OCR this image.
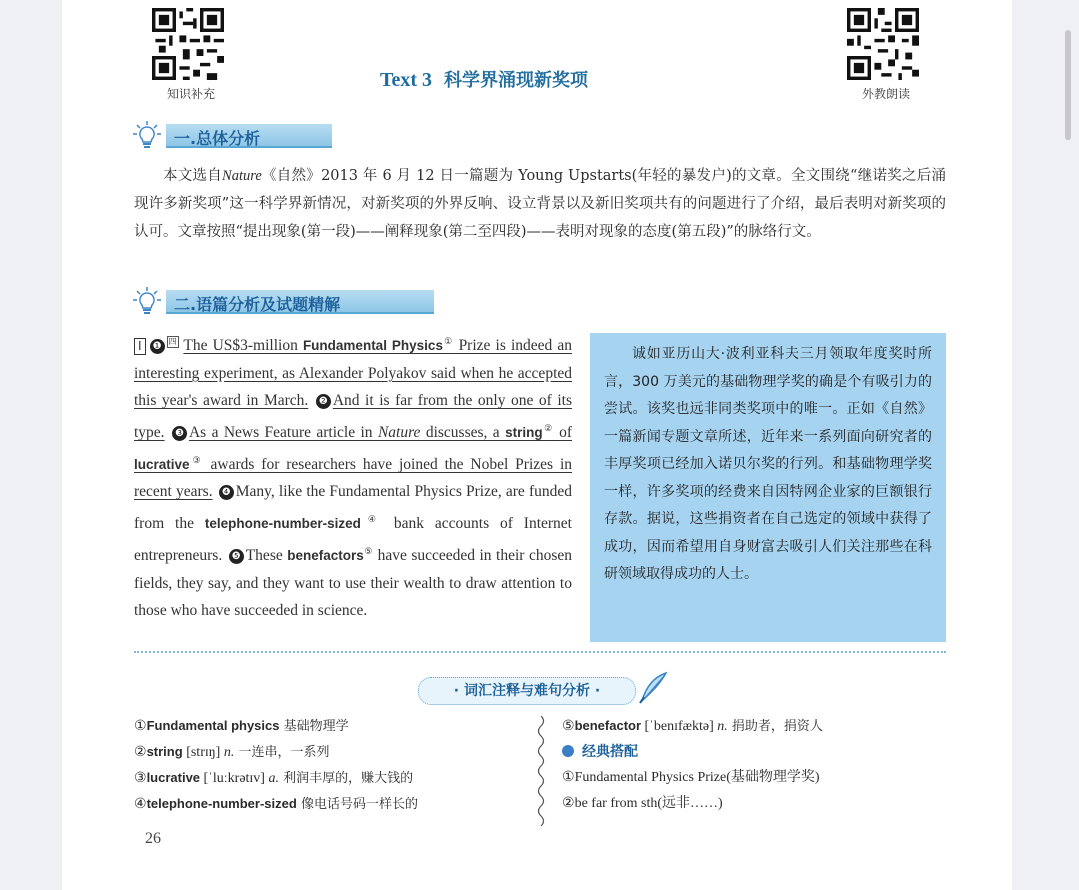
知识补充	外教朗读
Text 3 科学界涌现新奖项
一.总体分析
本文选自Nature《自然》2013 年 6 月 12 日一篇题为 Young Upstarts(年轻的暴发户)的文章。全文围绕“继诺奖之后涌现许多新奖项”这一科学界新情况，对新奖项的外界反响、设立背景以及新旧奖项共有的问题进行了介绍，最后表明对新奖项的认可。文章按照“提出现象(第一段)——阐释现象(第二至四段)——表明对现象的态度(第五段)”的脉络行文。
二.语篇分析及试题精解
Ⅰ ❶ 四 The US$3-million Fundamental Physics① Prize is indeed an interesting experiment, as Alexander Polyakov said when he accepted this year's award in March. ❷ And it is far from the only one of its type. ❸ As a News Feature article in Nature discusses, a string② of lucrative③ awards for researchers have joined the Nobel Prizes in recent years. ❹ Many, like the Fundamental Physics Prize, are funded from the telephone-number-sized④ bank accounts of Internet entrepreneurs. ❺ These benefactors⑤ have succeeded in their chosen fields, they say, and they want to use their wealth to draw attention to those who have succeeded in science.
诚如亚历山大·波利亚科夫三月领取年度奖时所言，300 万美元的基础物理学奖的确是个有吸引力的尝试。该奖也远非同类奖项中的唯一。正如《自然》一篇新闻专题文章所述，近年来一系列面向研究者的丰厚奖项已经加入诺贝尔奖的行列。和基础物理学奖一样，许多奖项的经费来自因特网企业家的巨额银行存款。据说，这些捐资者在自己选定的领域中获得了成功，因而希望用自身财富去吸引人们关注那些在科研领域取得成功的人士。
· 词汇注释与难句分析 ·
①Fundamental physics 基础物理学
②string [strɪŋ] n. 一连串，一系列
③lucrative [ˈluːkrətɪv] a. 利润丰厚的，赚大钱的
④telephone-number-sized 像电话号码一样长的
⑤benefactor [ˈbenɪfæktə] n. 捐助者，捐资人
经典搭配
①Fundamental Physics Prize(基础物理学奖)
②be far from sth(远非……)
26
